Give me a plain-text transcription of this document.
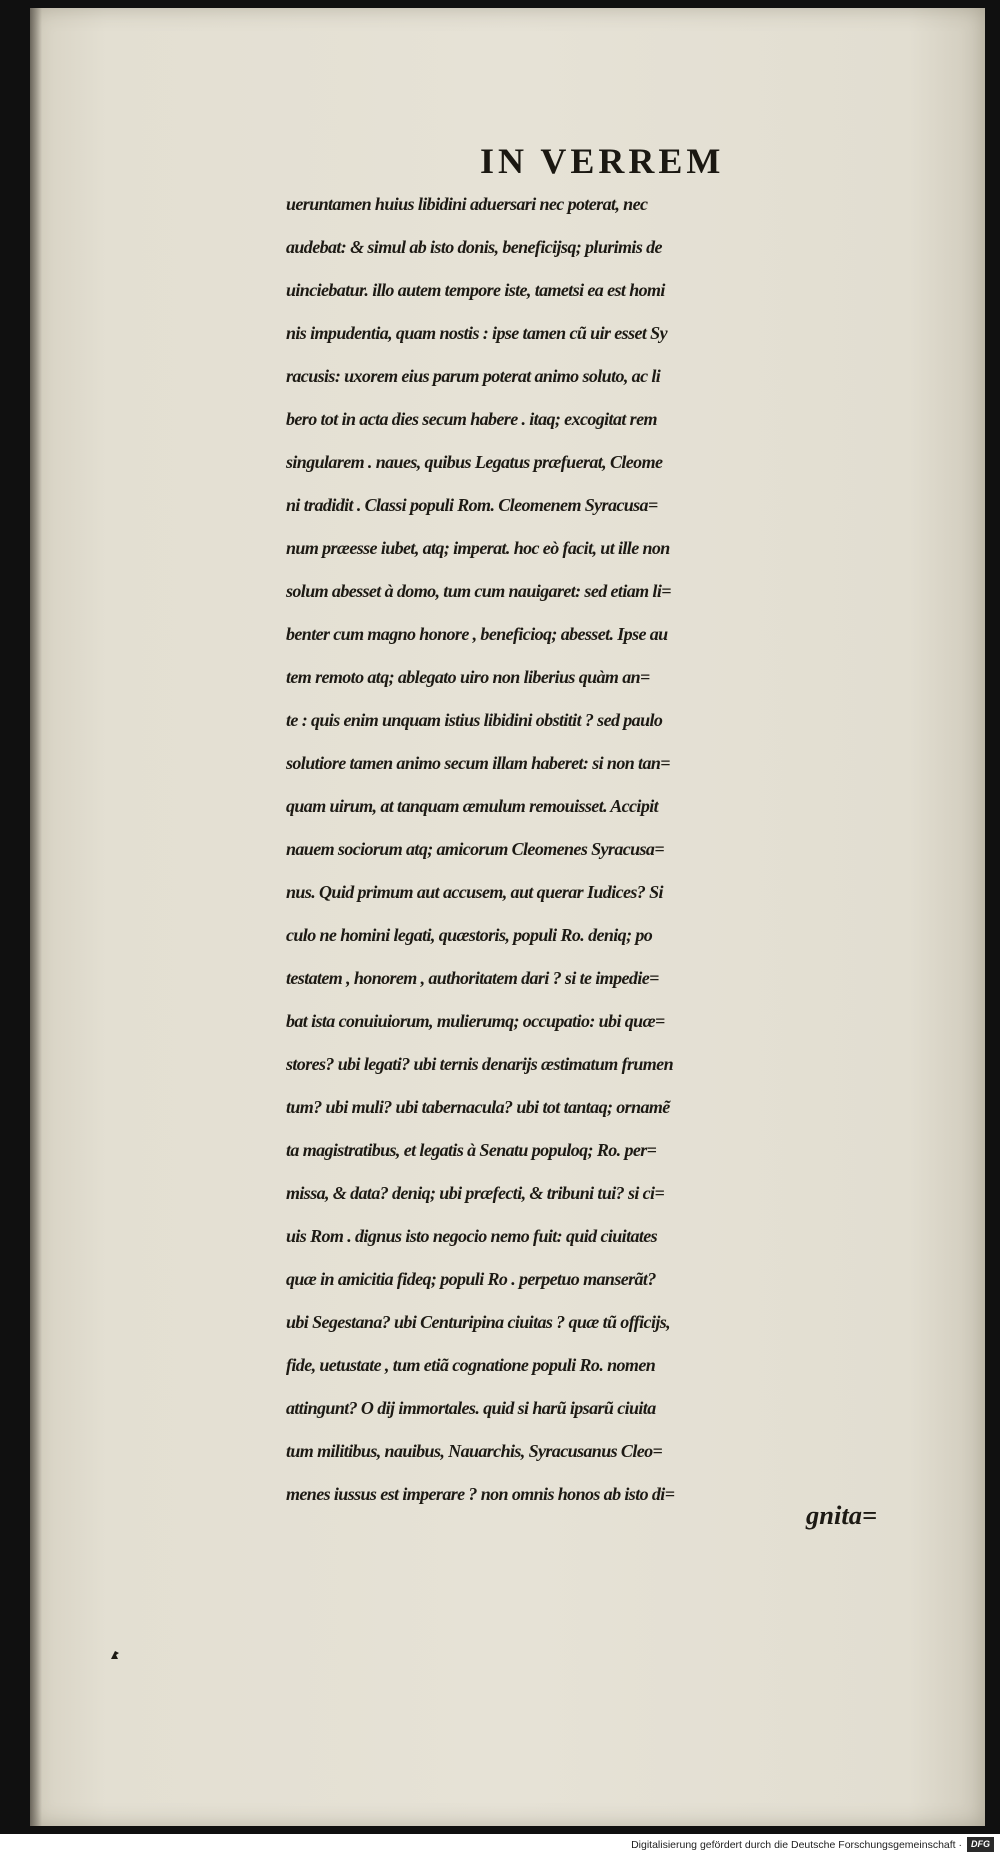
IN VERREM
ueruntamen huius libidini aduersari nec poterat, nec
audebat: & simul ab isto donis, beneficijsq; plurimis de
uinciebatur. illo autem tempore iste, tametsi ea est homi
nis impudentia, quam nostis : ipse tamen cũ uir esset Sy
racusis: uxorem eius parum poterat animo soluto, ac li
bero tot in acta dies secum habere . itaq; excogitat rem
singularem . naues, quibus Legatus præfuerat, Cleome
ni tradidit . Classi populi Rom. Cleomenem Syracusa=
num præesse iubet, atq; imperat. hoc eò facit, ut ille non
solum abesset à domo, tum cum nauigaret: sed etiam li=
benter cum magno honore , beneficioq; abesset. Ipse au
tem remoto atq; ablegato uiro non liberius quàm an=
te : quis enim unquam istius libidini obstitit ? sed paulo
solutiore tamen animo secum illam haberet: si non tan=
quam uirum, at tanquam æmulum remouisset. Accipit
nauem sociorum atq; amicorum Cleomenes Syracusa=
nus. Quid primum aut accusem, aut querar Iudices? Si
culo ne homini legati, quæstoris, populi Ro. deniq; po
testatem , honorem , authoritatem dari ? si te impedie=
bat ista conuiuiorum, mulierumq; occupatio: ubi quæ=
stores? ubi legati? ubi ternis denarijs æstimatum frumen
tum? ubi muli? ubi tabernacula? ubi tot tantaq; ornamẽ
ta magistratibus, et legatis à Senatu populoq; Ro. per=
missa, & data? deniq; ubi præfecti, & tribuni tui? si ci=
uis Rom . dignus isto negocio nemo fuit: quid ciuitates
quæ in amicitia fideq; populi Ro . perpetuo manserãt?
ubi Segestana? ubi Centuripina ciuitas ? quæ tũ officijs,
fide, uetustate , tum etiã cognatione populi Ro. nomen
attingunt? O dij immortales. quid si harũ ipsarũ ciuita
tum militibus, nauibus, Nauarchis, Syracusanus Cleo=
menes iussus est imperare ? non omnis honos ab isto di=
gnita=
Digitalisierung gefördert durch die Deutsche Forschungsgemeinschaft ·	DFG
